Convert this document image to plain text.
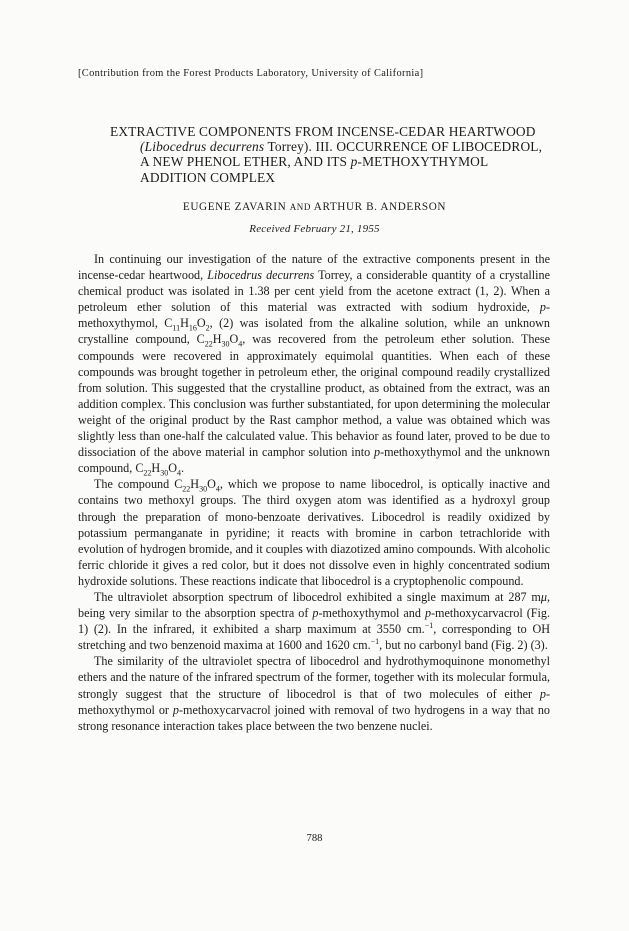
[Contribution from the Forest Products Laboratory, University of California]
EXTRACTIVE COMPONENTS FROM INCENSE-CEDAR HEARTWOOD (Libocedrus decurrens Torrey). III. OCCURRENCE OF LIBOCEDROL, A NEW PHENOL ETHER, AND ITS p-METHOXYTHYMOL ADDITION COMPLEX
EUGENE ZAVARIN AND ARTHUR B. ANDERSON
Received February 21, 1955

In continuing our investigation of the nature of the extractive components present in the incense-cedar heartwood, Libocedrus decurrens Torrey, a considerable quantity of a crystalline chemical product was isolated in 1.38 per cent yield from the acetone extract (1, 2). When a petroleum ether solution of this material was extracted with sodium hydroxide, p-methoxythymol, $C_{11}H_{16}O_2$, (2) was isolated from the alkaline solution, while an unknown crystalline compound, $C_{22}H_{30}O_4$, was recovered from the petroleum ether solution. These compounds were recovered in approximately equimolal quantities. When each of these compounds was brought together in petroleum ether, the original compound readily crystallized from solution. This suggested that the crystalline product, as obtained from the extract, was an addition complex. This conclusion was further substantiated, for upon determining the molecular weight of the original product by the Rast camphor method, a value was obtained which was slightly less than one-half the calculated value. This behavior as found later, proved to be due to dissociation of the above material in camphor solution into p-methoxythymol and the unknown compound, $C_{22}H_{30}O_4$.

The compound $C_{22}H_{30}O_4$, which we propose to name libocedrol, is optically inactive and contains two methoxyl groups. The third oxygen atom was identified as a hydroxyl group through the preparation of mono-benzoate derivatives. Libocedrol is readily oxidized by potassium permanganate in pyridine; it reacts with bromine in carbon tetrachloride with evolution of hydrogen bromide, and it couples with diazotized amino compounds. With alcoholic ferric chloride it gives a red color, but it does not dissolve even in highly concentrated sodium hydroxide solutions. These reactions indicate that libocedrol is a cryptophenolic compound.

The ultraviolet absorption spectrum of libocedrol exhibited a single maximum at 287 mμ, being very similar to the absorption spectra of p-methoxythymol and p-methoxycarvacrol (Fig. 1) (2). In the infrared, it exhibited a sharp maximum at 3550 cm.$^{-1}$, corresponding to OH stretching and two benzenoid maxima at 1600 and 1620 cm.$^{-1}$, but no carbonyl band (Fig. 2) (3).

The similarity of the ultraviolet spectra of libocedrol and hydrothymoquinone monomethyl ethers and the nature of the infrared spectrum of the former, together with its molecular formula, strongly suggest that the structure of libocedrol is that of two molecules of either p-methoxythymol or p-methoxycarvacrol joined with removal of two hydrogens in a way that no strong resonance interaction takes place between the two benzene nuclei.

788
